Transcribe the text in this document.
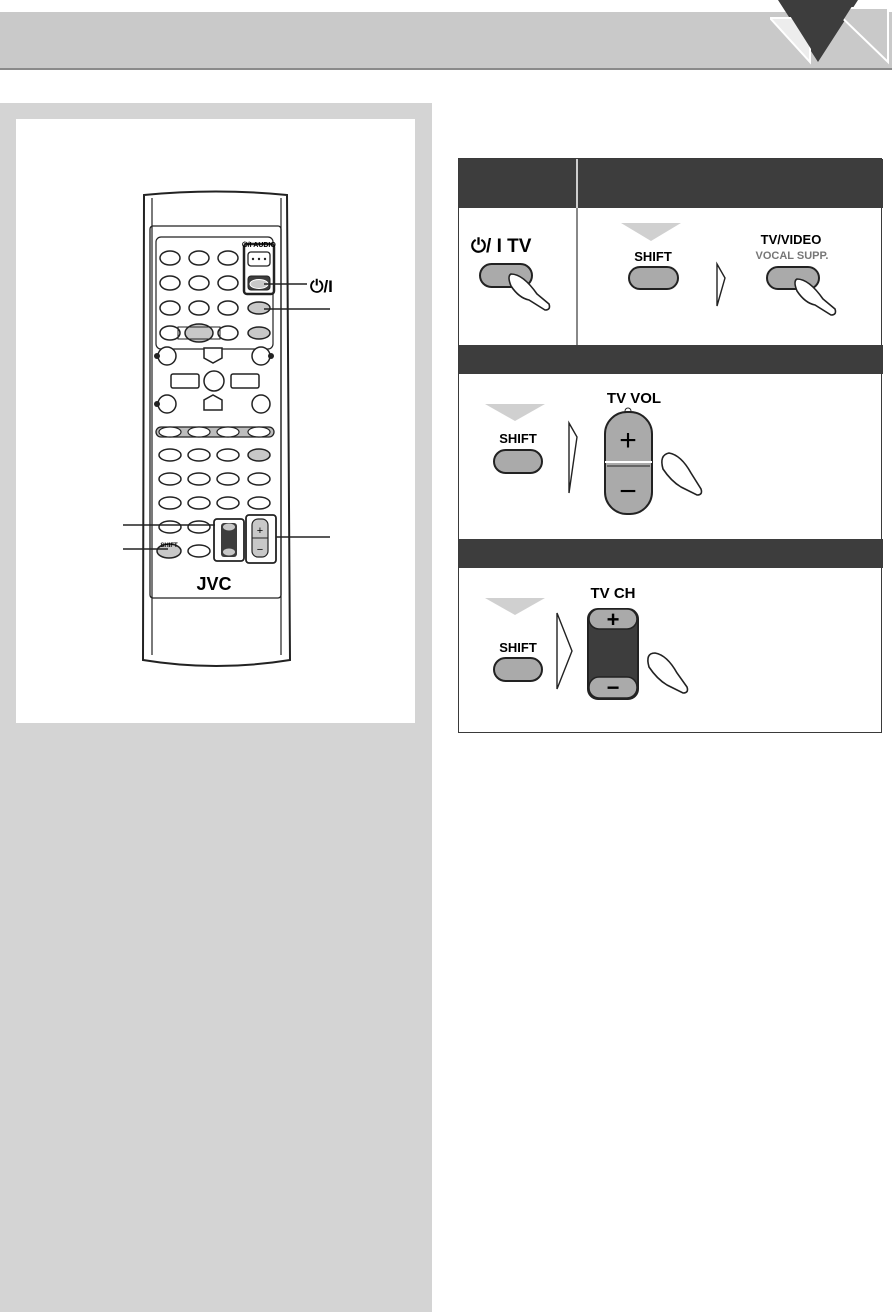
⏻/I AUDIO
⏻/I TV
SHIFT
+
−
JVC
⏻/I
⏻/ I TV	SHIFT
TV/VIDEO
VOCAL SUPP.
SHIFT
TV VOL
+
−
SHIFT
TV CH
+
−
